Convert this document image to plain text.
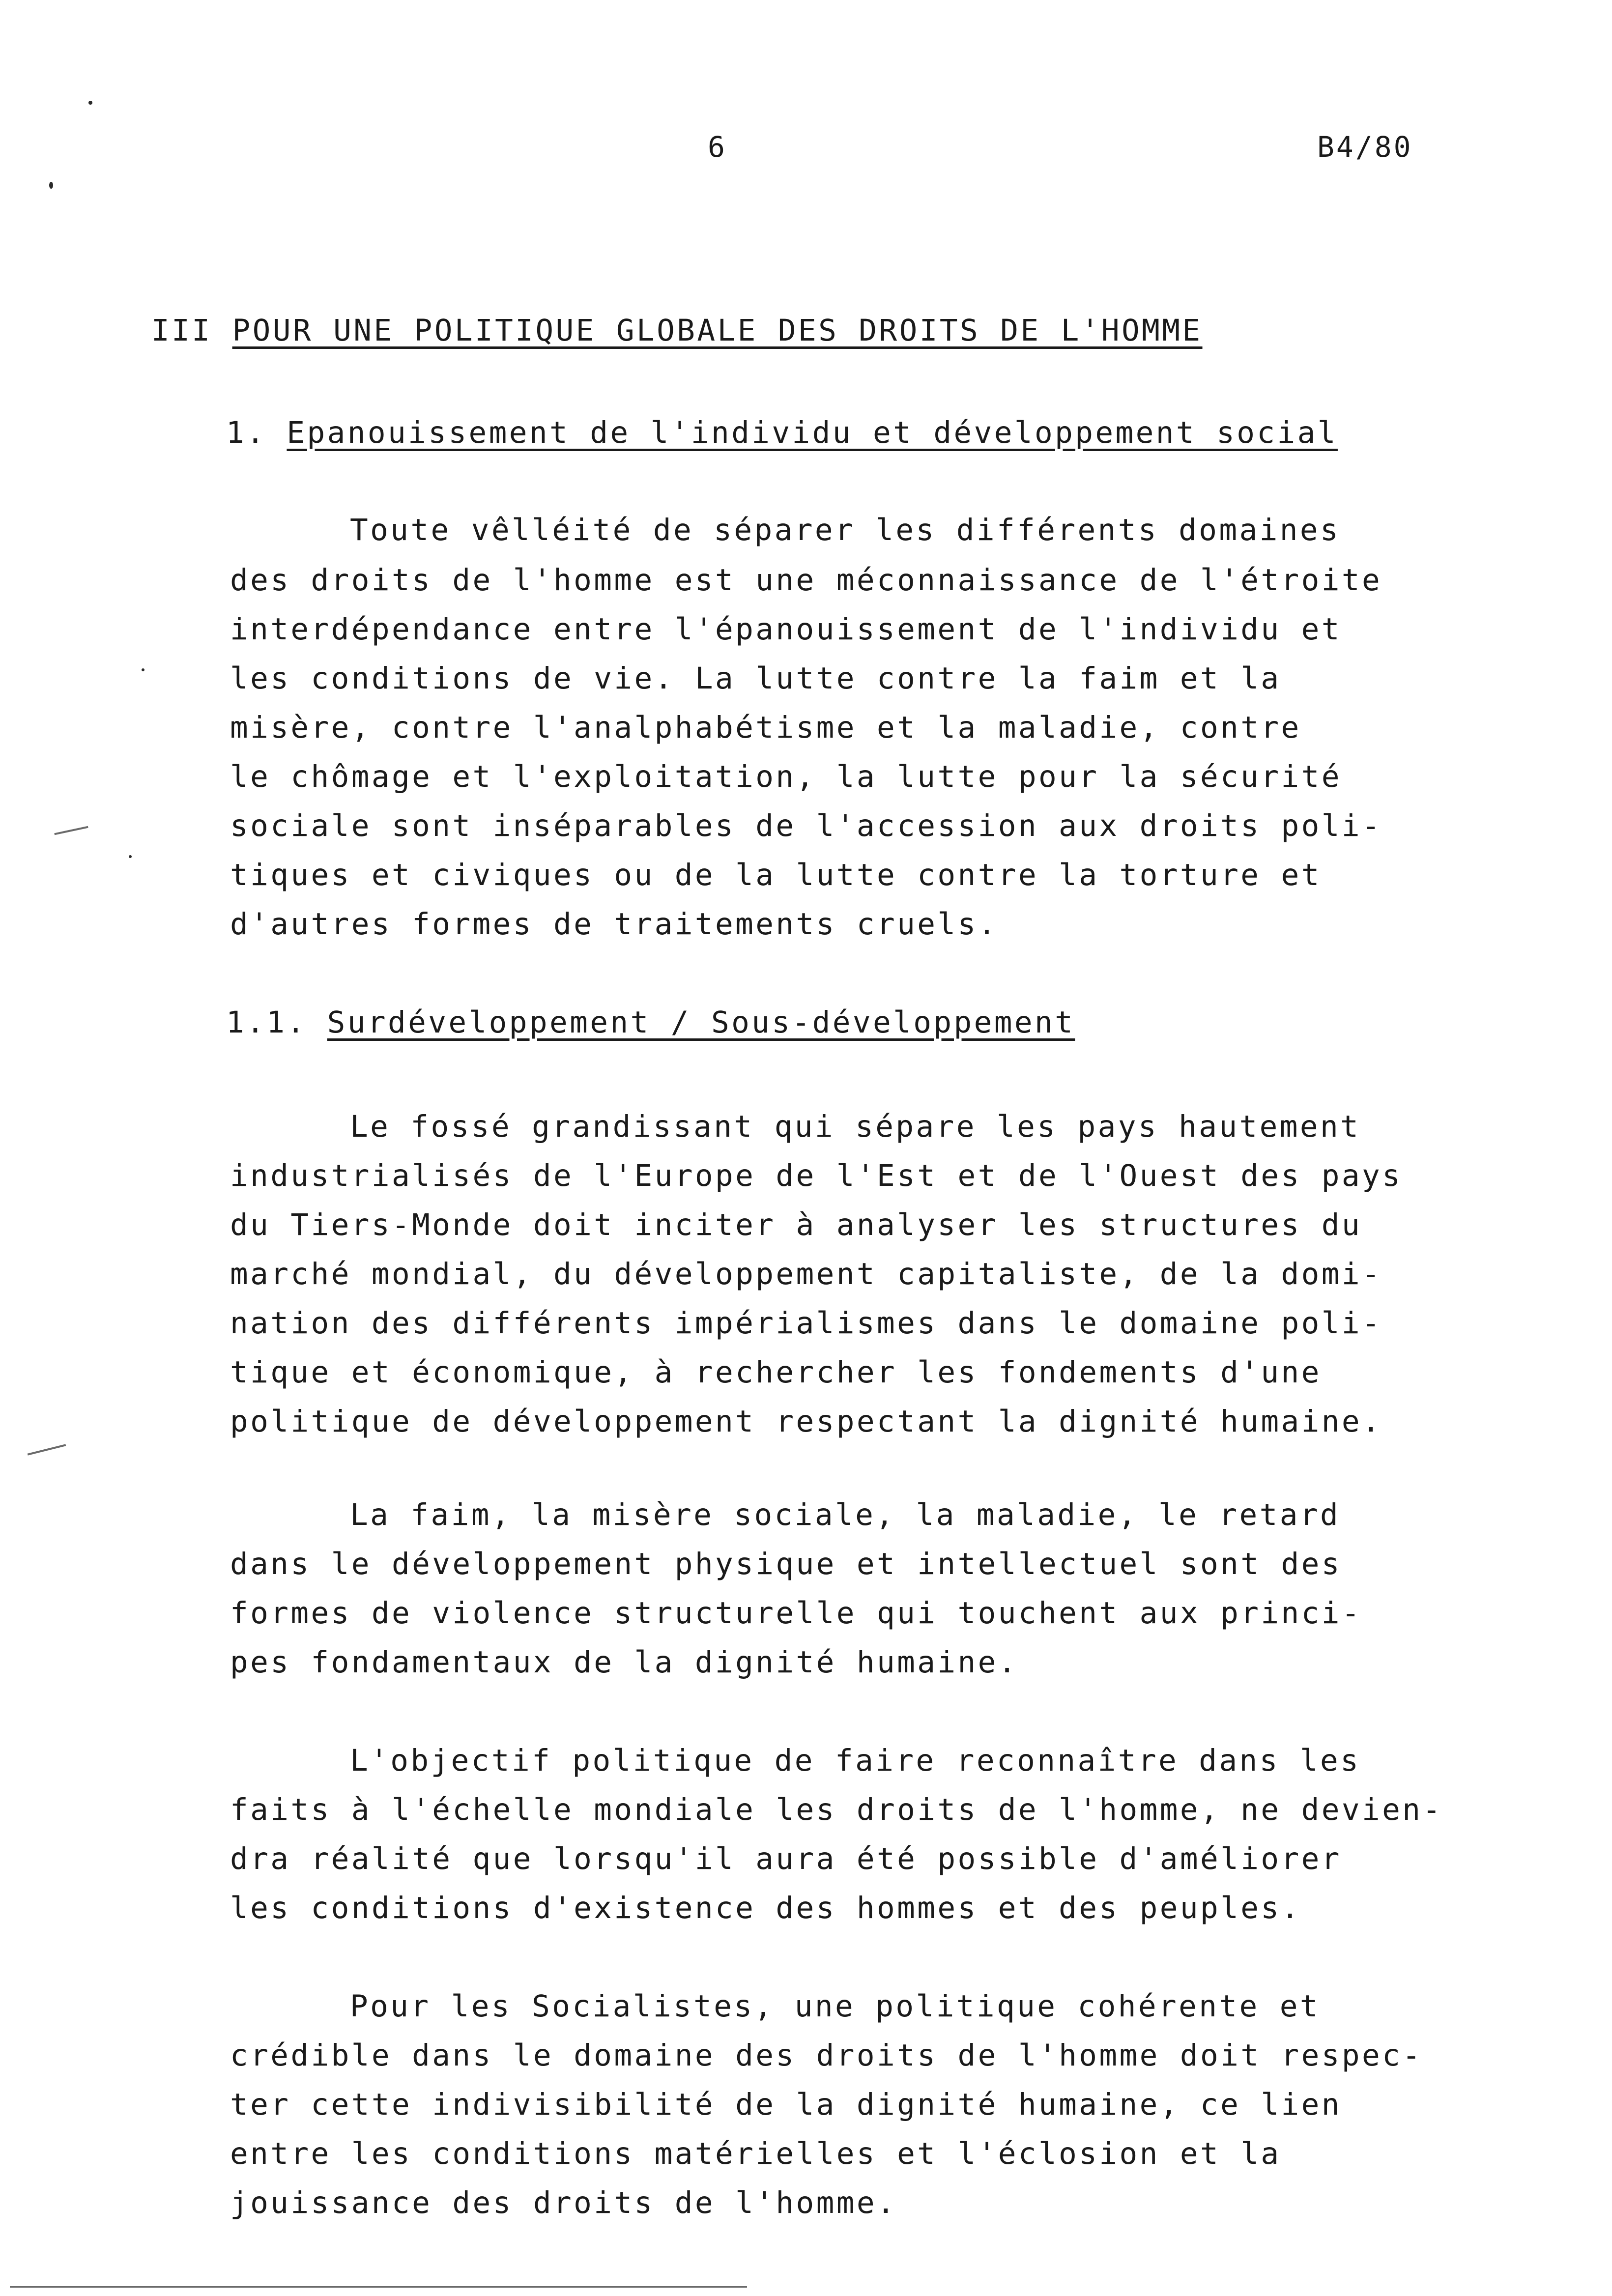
6	B4/80
III POUR UNE POLITIQUE GLOBALE DES DROITS DE L'HOMME
1. Epanouissement de l'individu et développement social
Toute vêlléité de séparer les différents domaines
des droits de l'homme est une méconnaissance de l'étroite
interdépendance entre l'épanouissement de l'individu et
les conditions de vie. La lutte contre la faim et la
misère, contre l'analphabétisme et la maladie, contre
le chômage et l'exploitation, la lutte pour la sécurité
sociale sont inséparables de l'accession aux droits poli-
tiques et civiques ou de la lutte contre la torture et
d'autres formes de traitements cruels.
1.1. Surdéveloppement / Sous-développement
Le fossé grandissant qui sépare les pays hautement
industrialisés de l'Europe de l'Est et de l'Ouest des pays
du Tiers-Monde doit inciter à analyser les structures du
marché mondial, du développement capitaliste, de la domi-
nation des différents impérialismes dans le domaine poli-
tique et économique, à rechercher les fondements d'une
politique de développement respectant la dignité humaine.
La faim, la misère sociale, la maladie, le retard
dans le développement physique et intellectuel sont des
formes de violence structurelle qui touchent aux princi-
pes fondamentaux de la dignité humaine.
L'objectif politique de faire reconnaître dans les
faits à l'échelle mondiale les droits de l'homme, ne devien-
dra réalité que lorsqu'il aura été possible d'améliorer
les conditions d'existence des hommes et des peuples.
Pour les Socialistes, une politique cohérente et
crédible dans le domaine des droits de l'homme doit respec-
ter cette indivisibilité de la dignité humaine, ce lien
entre les conditions matérielles et l'éclosion et la
jouissance des droits de l'homme.
